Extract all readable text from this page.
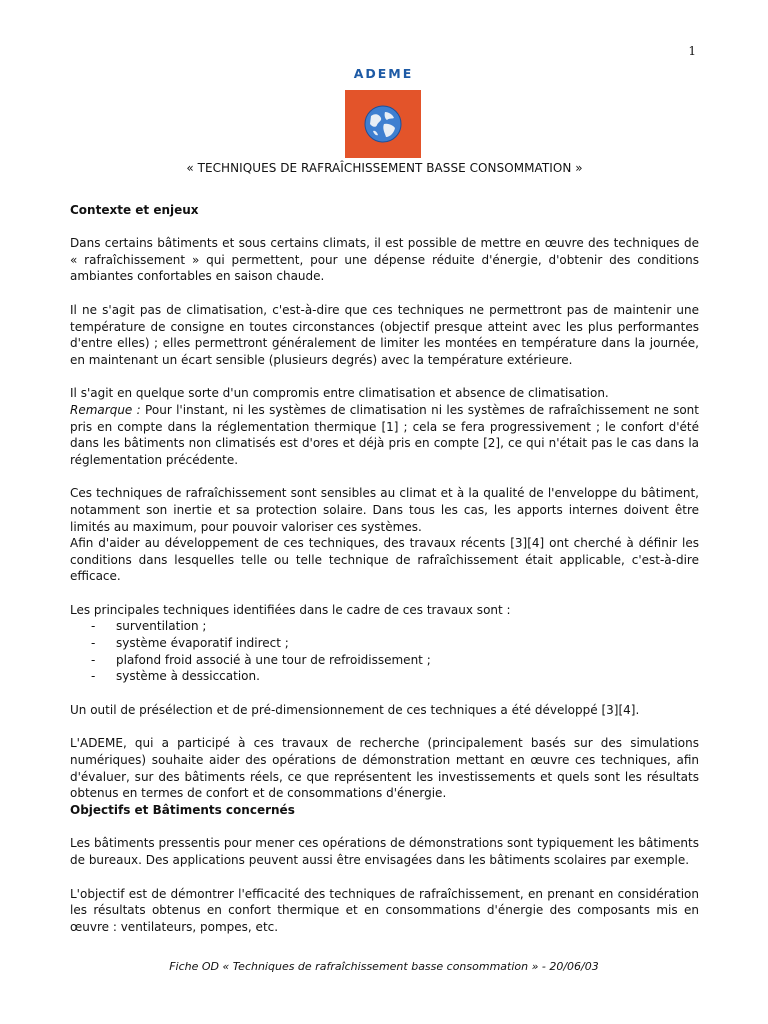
1
ADEME

« TECHNIQUES DE RAFRAÎCHISSEMENT BASSE CONSOMMATION »

Contexte et enjeux

Dans certains bâtiments et sous certains climats, il est possible de mettre en œuvre des techniques de « rafraîchissement » qui permettent, pour une dépense réduite d'énergie, d'obtenir des conditions ambiantes confortables en saison chaude.

Il ne s'agit pas de climatisation, c'est-à-dire que ces techniques ne permettront pas de maintenir une température de consigne en toutes circonstances (objectif presque atteint avec les plus performantes d'entre elles) ; elles permettront généralement de limiter les montées en température dans la journée, en maintenant un écart sensible (plusieurs degrés) avec la température extérieure.

Il s'agit en quelque sorte d'un compromis entre climatisation et absence de climatisation.

Remarque : Pour l'instant, ni les systèmes de climatisation ni les systèmes de rafraîchissement ne sont pris en compte dans la réglementation thermique [1] ; cela se fera progressivement ; le confort d'été dans les bâtiments non climatisés est d'ores et déjà pris en compte [2], ce qui n'était pas le cas dans la réglementation précédente.

Ces techniques de rafraîchissement sont sensibles au climat et à la qualité de l'enveloppe du bâtiment, notamment son inertie et sa protection solaire. Dans tous les cas, les apports internes doivent être limités au maximum, pour pouvoir valoriser ces systèmes.

Afin d'aider au développement de ces techniques, des travaux récents [3][4] ont cherché à définir les conditions dans lesquelles telle ou telle technique de rafraîchissement était applicable, c'est-à-dire efficace.

Les principales techniques identifiées dans le cadre de ces travaux sont :

- surventilation ;
- système évaporatif indirect ;
- plafond froid associé à une tour de refroidissement ;
- système à dessiccation.

Un outil de présélection et de pré-dimensionnement de ces techniques a été développé [3][4].

L'ADEME, qui a participé à ces travaux de recherche (principalement basés sur des simulations numériques) souhaite aider des opérations de démonstration mettant en œuvre ces techniques, afin d'évaluer, sur des bâtiments réels, ce que représentent les investissements et quels sont les résultats obtenus en termes de confort et de consommations d'énergie.

Objectifs et Bâtiments concernés

Les bâtiments pressentis pour mener ces opérations de démonstrations sont typiquement les bâtiments de bureaux. Des applications peuvent aussi être envisagées dans les bâtiments scolaires par exemple.

L'objectif est de démontrer l'efficacité des techniques de rafraîchissement, en prenant en considération les résultats obtenus en confort thermique et en consommations d'énergie des composants mis en œuvre : ventilateurs, pompes, etc.

Fiche OD « Techniques de rafraîchissement basse consommation » - 20/06/03
